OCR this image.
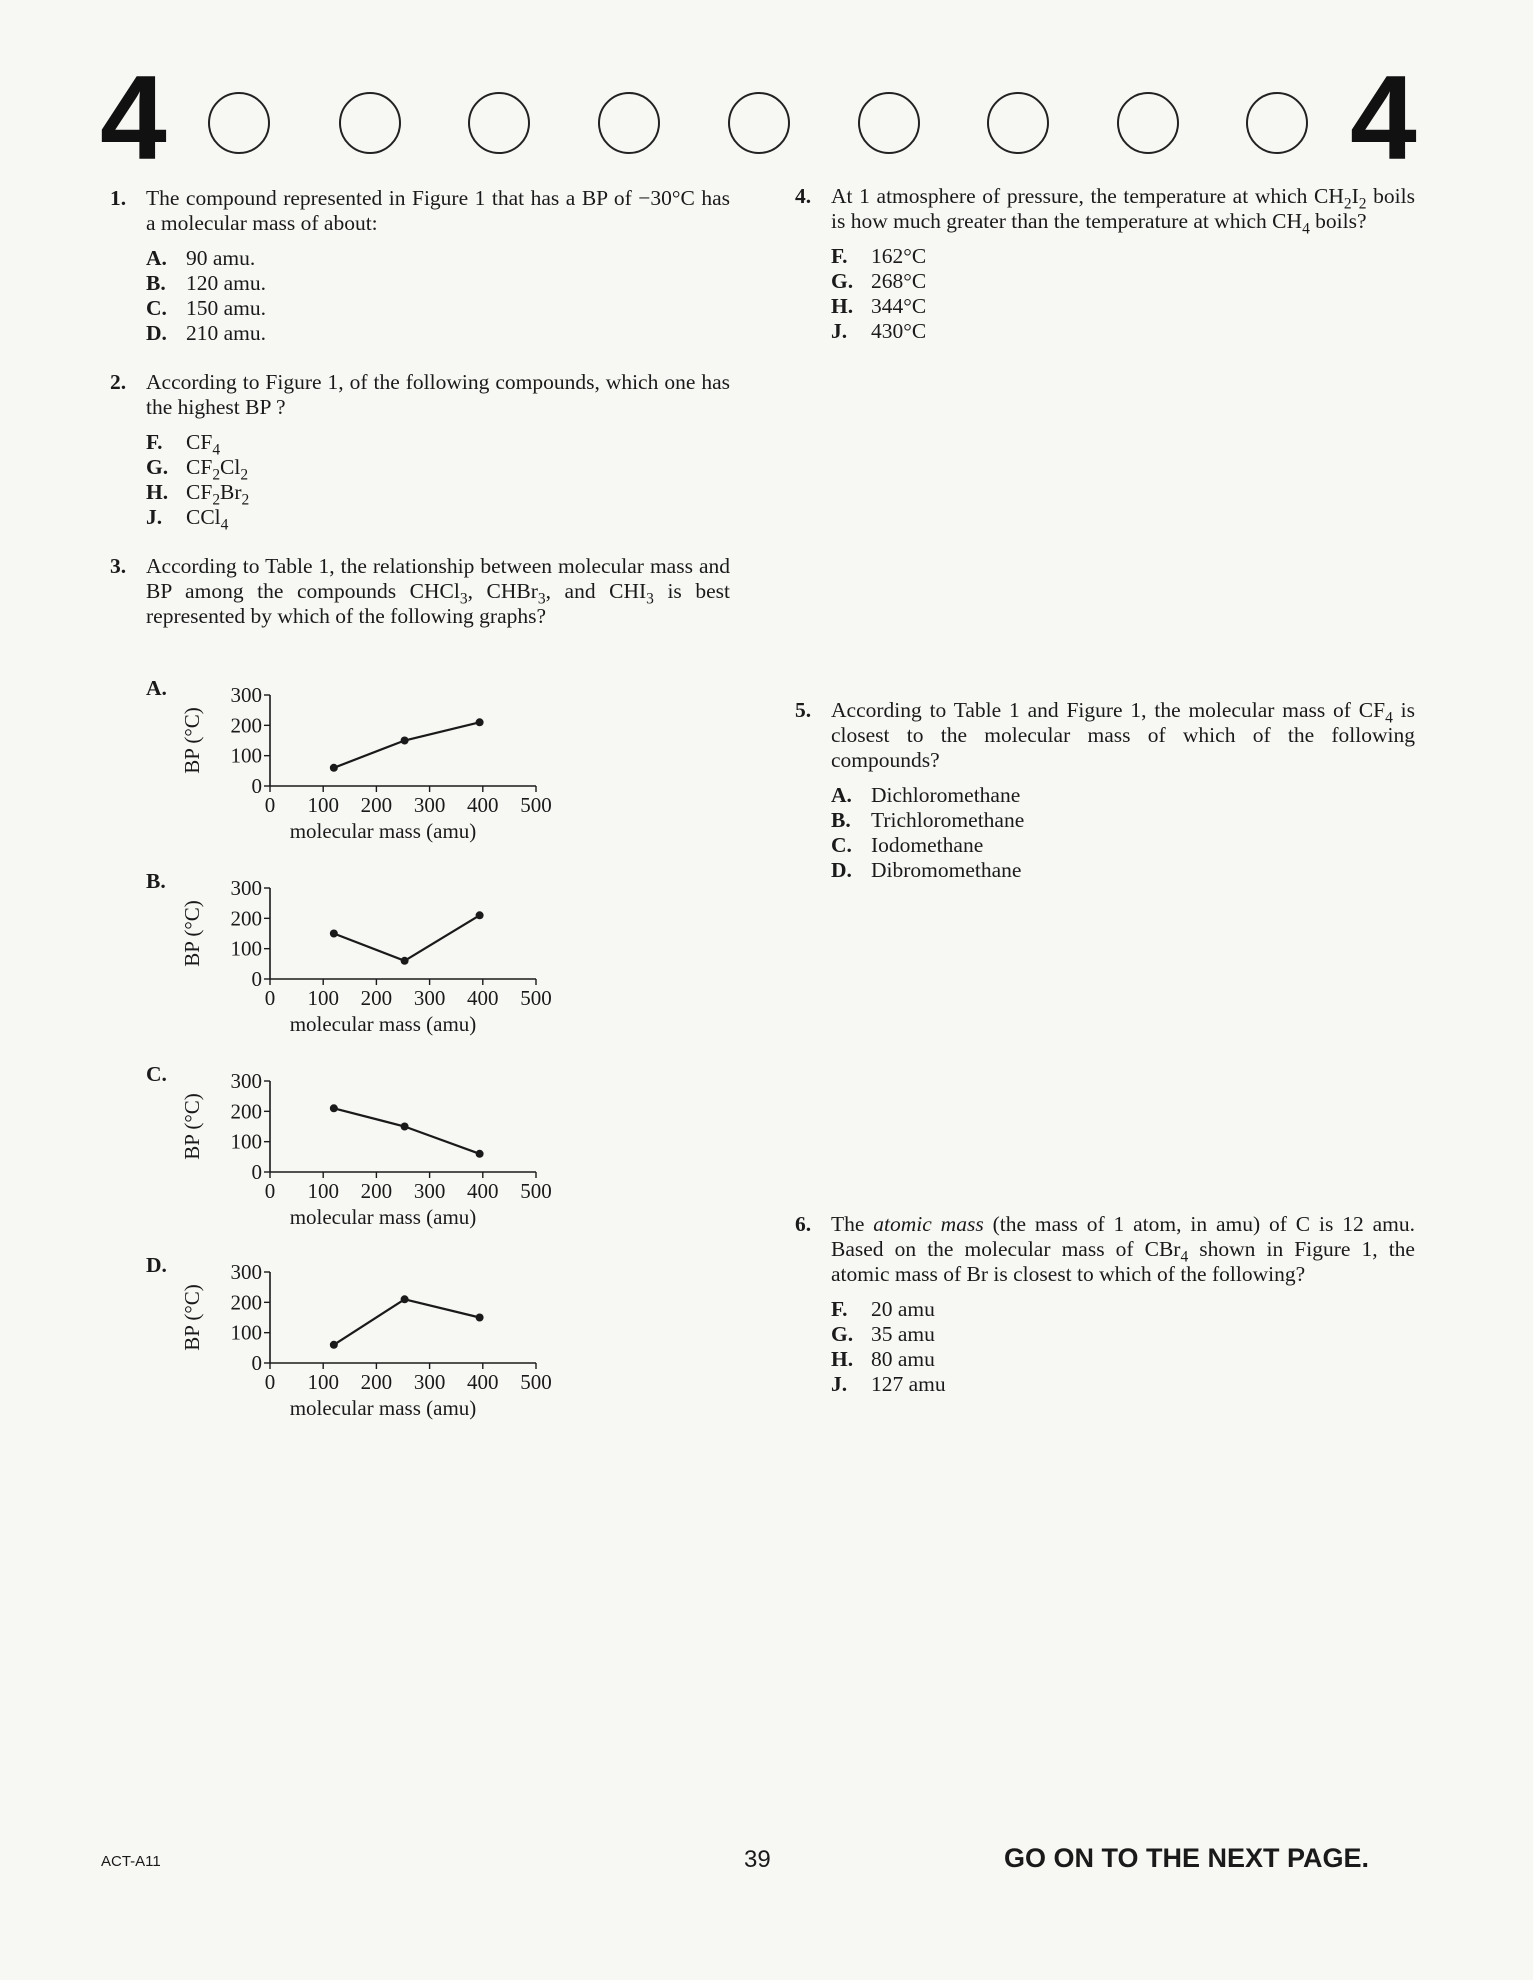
4	4
1. The compound represented in Figure 1 that has a BP of −30°C has a molecular mass of about:
A. 90 amu.
B. 120 amu.
C. 150 amu.
D. 210 amu.
2. According to Figure 1, of the following compounds, which one has the highest BP ?
F. $CF_4$
G. $CF_2Cl_2$
H. $CF_2Br_2$
J. CCl$_4$
3. According to Table 1, the relationship between molecular mass and BP among the compounds CHCl$_3$, CHBr$_3$, and $CHI_3$ is best represented by which of the following graphs?
A.
0
100
200
300
0 100 200 300 400 500
BP (°C)
molecular mass (amu)
B.
0
100
200
300
0 100 200 300 400 500
BP (°C)
molecular mass (amu)
C.
0
100
200
300
0 100 200 300 400 500
BP (°C)
molecular mass (amu)
D.
0
100
200
300
0 100 200 300 400 500
BP (°C)
molecular mass (amu)
4. At 1 atmosphere of pressure, the temperature at which $CH_2I_2$ boils is how much greater than the temperature at which $CH_4$ boils?
F. 162°C
G. 268°C
H. 344°C
J. 430°C
5. According to Table 1 and Figure 1, the molecular mass of $CF_4$ is closest to the molecular mass of which of the following compounds?
A. Dichloromethane
B. Trichloromethane
C. Iodomethane
D. Dibromomethane
6. The atomic mass (the mass of 1 atom, in amu) of C is 12 amu. Based on the molecular mass of CBr$_4$ shown in Figure 1, the atomic mass of Br is closest to which of the following?
F. 20 amu
G. 35 amu
H. 80 amu
J. 127 amu
ACT-A11	39	GO ON TO THE NEXT PAGE.
